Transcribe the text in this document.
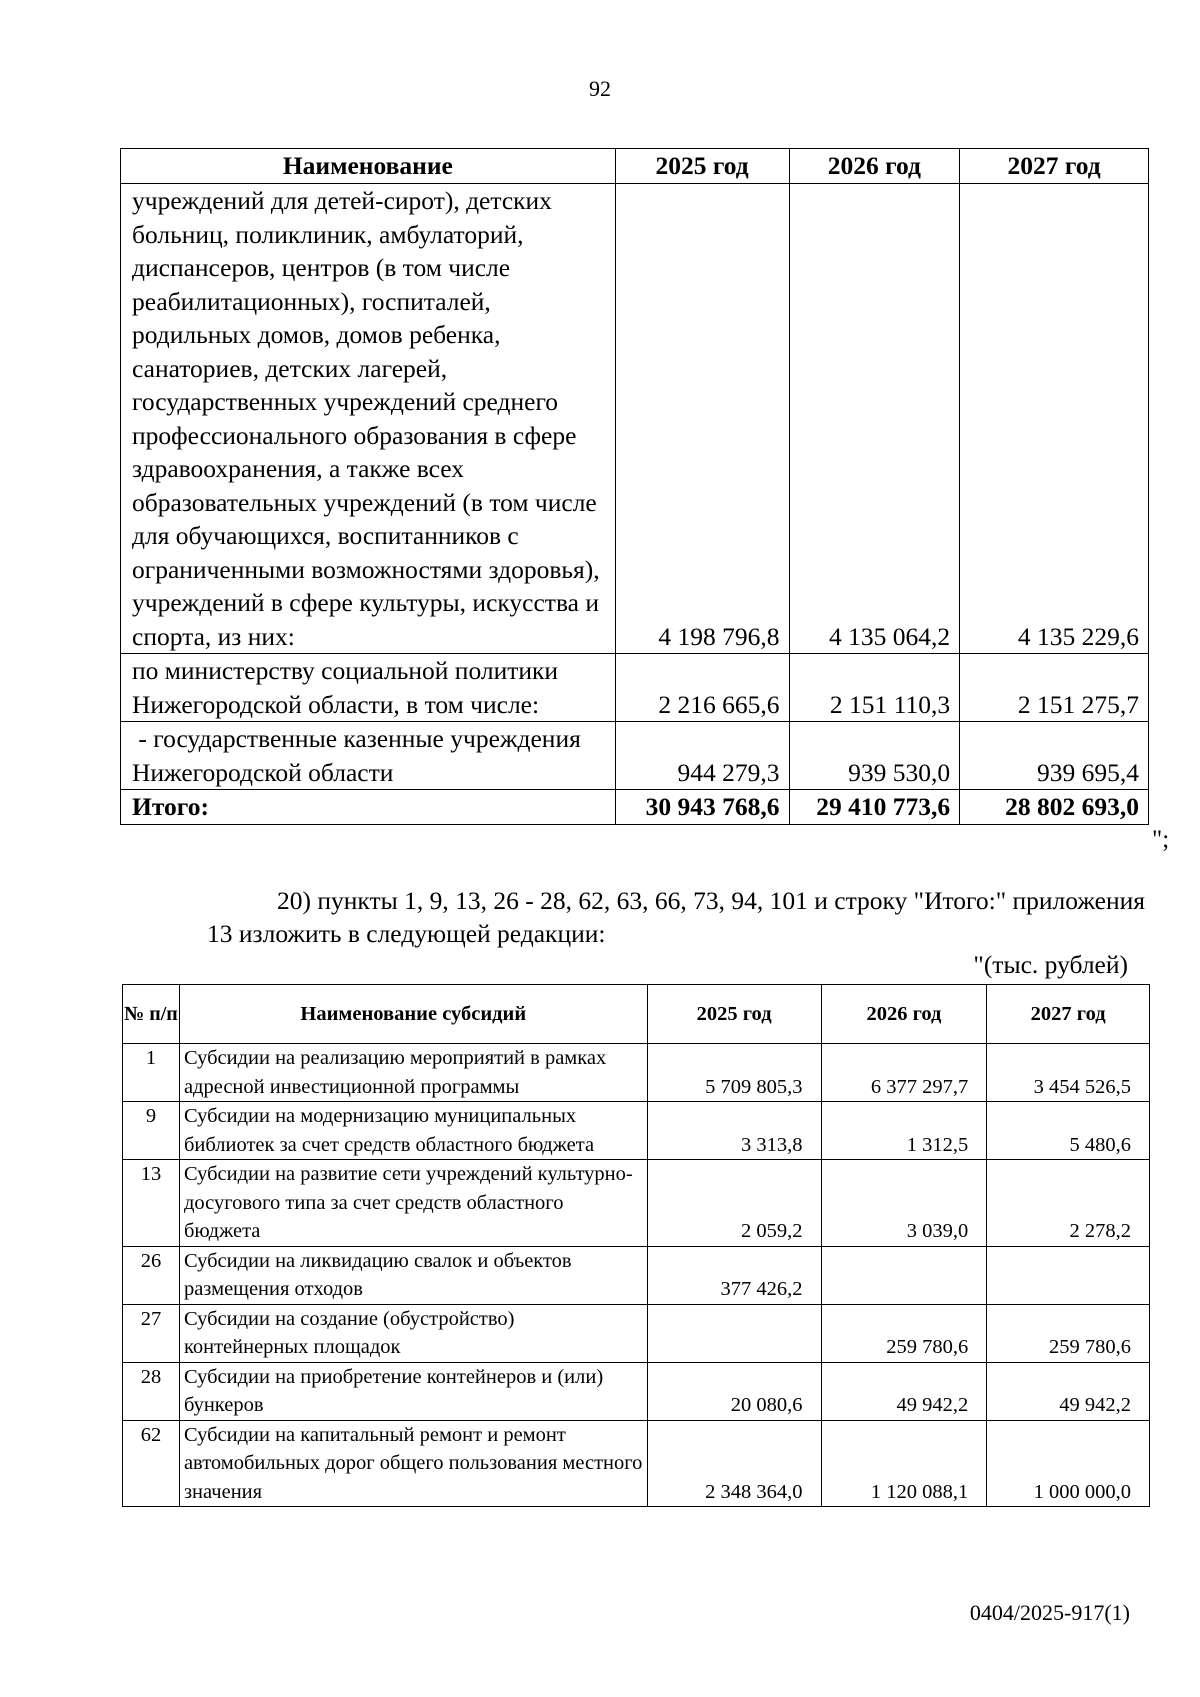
92
Наименование	2025 год	2026 год	2027 год
учреждений для детей-сирот), детских больниц, поликлиник, амбулаторий, диспансеров, центров (в том числе реабилитационных), госпиталей, родильных домов, домов ребенка, санаториев, детских лагерей, государственных учреждений среднего профессионального образования в сфере здравоохранения, а также всех образовательных учреждений (в том числе для обучающихся, воспитанников с ограниченными возможностями здоровья), учреждений в сфере культуры, искусства и спорта, из них:	4 198 796,8	4 135 064,2	4 135 229,6
по министерству социальной политики Нижегородской области, в том числе:	2 216 665,6	2 151 110,3	2 151 275,7
- государственные казенные учреждения Нижегородской области	944 279,3	939 530,0	939 695,4
Итого:	30 943 768,6	29 410 773,6	28 802 693,0
";

20) пункты 1, 9, 13, 26 - 28, 62, 63, 66, 73, 94, 101 и строку "Итого:" приложения 13 изложить в следующей редакции:

"(тыс. рублей)
№ п/п	Наименование субсидий	2025 год	2026 год	2027 год
1	Субсидии на реализацию мероприятий в рамках адресной инвестиционной программы	5 709 805,3	6 377 297,7	3 454 526,5
9	Субсидии на модернизацию муниципальных библиотек за счет средств областного бюджета	3 313,8	1 312,5	5 480,6
13	Субсидии на развитие сети учреждений культурно-досугового типа за счет средств областного бюджета	2 059,2	3 039,0	2 278,2
26	Субсидии на ликвидацию свалок и объектов размещения отходов	377 426,2		
27	Субсидии на создание (обустройство) контейнерных площадок		259 780,6	259 780,6
28	Субсидии на приобретение контейнеров и (или) бункеров	20 080,6	49 942,2	49 942,2
62	Субсидии на капитальный ремонт и ремонт автомобильных дорог общего пользования местного значения	2 348 364,0	1 120 088,1	1 000 000,0
0404/2025-917(1)
